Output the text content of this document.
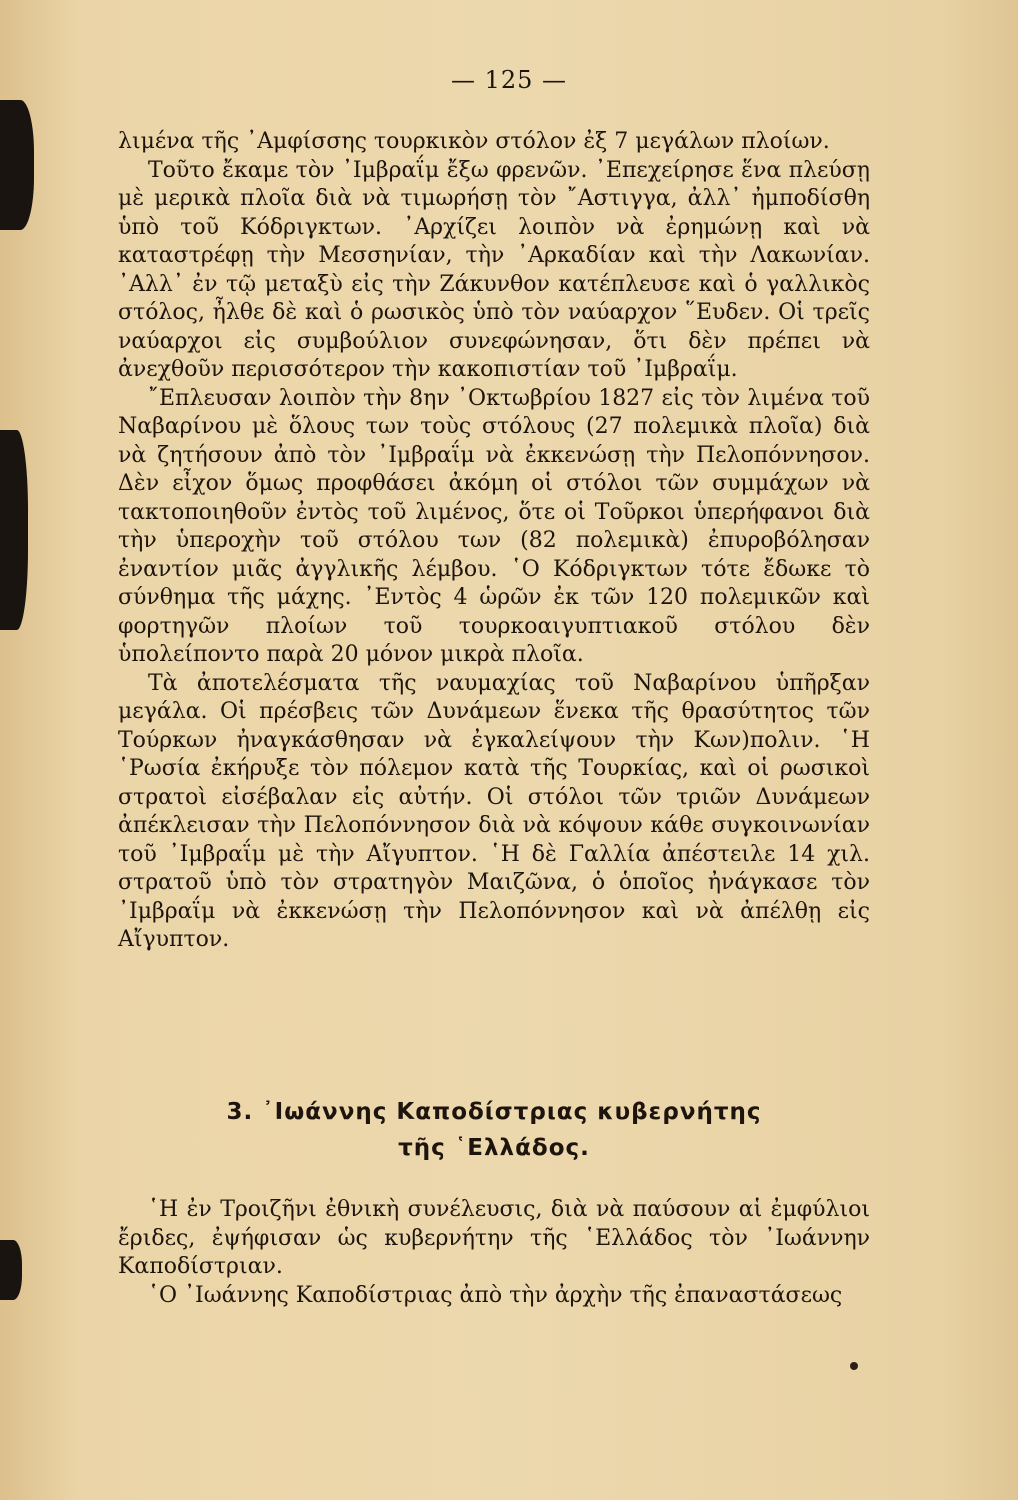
— 125 —

λιμένα τῆς ᾿Αμφίσσης τουρκικὸν στόλον ἐξ 7 μεγάλων πλοίων.

Τοῦτο ἔκαμε τὸν ᾿Ιμβραΐμ ἔξω φρενῶν. ᾿Επεχείρησε ἕνα πλεύσῃ μὲ μερικὰ πλοῖα διὰ νὰ τιμωρήσῃ τὸν ῎Αστιγγα, ἀλλ᾿ ἠμποδίσθη ὑπὸ τοῦ Κόδριγκτων. ᾿Αρχίζει λοιπὸν νὰ ἐρημώνῃ καὶ νὰ καταστρέφῃ τὴν Μεσσηνίαν, τὴν ᾿Αρκαδίαν καὶ τὴν Λακωνίαν. ᾿Αλλ᾿ ἐν τῷ μεταξὺ εἰς τὴν Ζάκυνθον κατέπλευσε καὶ ὁ γαλλικὸς στόλος, ἦλθε δὲ καὶ ὁ ρωσικὸς ὑπὸ τὸν ναύαρχον ῞Ευδεν. Οἱ τρεῖς ναύαρχοι εἰς συμβούλιον συνεφώνησαν, ὅτι δὲν πρέπει νὰ ἀνεχθοῦν περισσότερον τὴν κακοπιστίαν τοῦ ᾿Ιμβραΐμ.

῎Επλευσαν λοιπὸν τὴν 8ην ᾿Οκτωβρίου 1827 εἰς τὸν λιμένα τοῦ Ναβαρίνου μὲ ὅλους των τοὺς στόλους (27 πολεμικὰ πλοῖα) διὰ νὰ ζητήσουν ἀπὸ τὸν ᾿Ιμβραΐμ νὰ ἐκκενώσῃ τὴν Πελοπόννησον. Δὲν εἶχον ὅμως προφθάσει ἀκόμη οἱ στόλοι τῶν συμμάχων νὰ τακτοποιηθοῦν ἐντὸς τοῦ λιμένος, ὅτε οἱ Τοῦρκοι ὑπερήφανοι διὰ τὴν ὑπεροχὴν τοῦ στόλου των (82 πολεμικὰ) ἐπυροβόλησαν ἐναντίον μιᾶς ἀγγλικῆς λέμβου. ῾Ο Κόδριγκτων τότε ἔδωκε τὸ σύνθημα τῆς μάχης. ᾿Εντὸς 4 ὡρῶν ἐκ τῶν 120 πολεμικῶν καὶ φορτηγῶν πλοίων τοῦ τουρκοαιγυπτιακοῦ στόλου δὲν ὑπολείποντο παρὰ 20 μόνον μικρὰ πλοῖα.

Τὰ ἀποτελέσματα τῆς ναυμαχίας τοῦ Ναβαρίνου ὑπῆρξαν μεγάλα. Οἱ πρέσβεις τῶν Δυνάμεων ἕνεκα τῆς θρασύτητος τῶν Τούρκων ἠναγκάσθησαν νὰ ἐγκαλείψουν τὴν Κων)πολιν. ῾Η ῾Ρωσία ἐκήρυξε τὸν πόλεμον κατὰ τῆς Τουρκίας, καὶ οἱ ρωσικοὶ στρατοὶ εἰσέβαλαν εἰς αὐτήν. Οἱ στόλοι τῶν τριῶν Δυνάμεων ἀπέκλεισαν τὴν Πελοπόννησον διὰ νὰ κόψουν κάθε συγκοινωνίαν τοῦ ᾿Ιμβραΐμ μὲ τὴν Αἴγυπτον. ῾Η δὲ Γαλλία ἀπέστειλε 14 χιλ. στρατοῦ ὑπὸ τὸν στρατηγὸν Μαιζῶνα, ὁ ὁποῖος ἠνάγκασε τὸν ᾿Ιμβραΐμ νὰ ἐκκενώσῃ τὴν Πελοπόννησον καὶ νὰ ἀπέλθῃ εἰς Αἴγυπτον.

3. ᾿Ιωάννης Καποδίστριας κυβερνήτης
τῆς ῾Ελλάδος.

῾Η ἐν Τροιζῆνι ἐθνικὴ συνέλευσις, διὰ νὰ παύσουν αἱ ἐμφύλιοι ἔριδες, ἐψήφισαν ὡς κυβερνήτην τῆς ῾Ελλάδος τὸν ᾿Ιωάννην Καποδίστριαν.

῾Ο ᾿Ιωάννης Καποδίστριας ἀπὸ τὴν ἀρχὴν τῆς ἐπαναστάσεως
